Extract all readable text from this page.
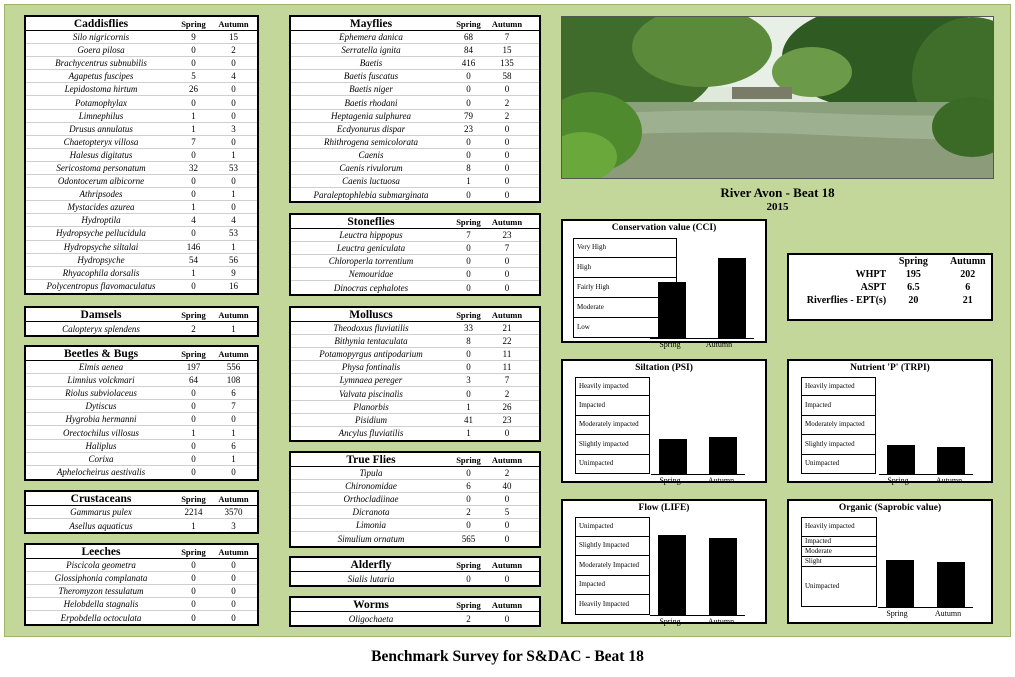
Caddisflies	Spring	Autumn
Silo nigricornis	9	15
Goera pilosa	0	2
Brachycentrus subnubilis	0	0
Agapetus fuscipes	5	4
Lepidostoma hirtum	26	0
Potamophylax	0	0
Limnephilus	1	0
Drusus annulatus	1	3
Chaetopteryx villosa	7	0
Halesus digitatus	0	1
Sericostoma personatum	32	53
Odontocerum albicorne	0	0
Athripsodes	0	1
Mystacides azurea	1	0
Hydroptila	4	4
Hydropsyche pellucidula	0	53
Hydropsyche siltalai	146	1
Hydropsyche	54	56
Rhyacophila dorsalis	1	9
Polycentropus flavomaculatus	0	16
Damsels	Spring	Autumn
Calopteryx splendens	2	1
Beetles & Bugs	Spring	Autumn
Elmis aenea	197	556
Limnius volckmari	64	108
Riolus subviolaceus	0	6
Dytiscus	0	7
Hygrobia hermanni	0	0
Orectochilus villosus	1	1
Haliplus	0	6
Corixa	0	1
Aphelocheirus aestivalis	0	0
Crustaceans	Spring	Autumn
Gammarus pulex	2214	3570
Asellus aquaticus	1	3
Leeches	Spring	Autumn
Piscicola geometra	0	0
Glossiphonia complanata	0	0
Theromyzon tessulatum	0	0
Helobdella stagnalis	0	0
Erpobdella octoculata	0	0
Mayflies	Spring	Autumn
Ephemera danica	68	7
Serratella ignita	84	15
Baetis	416	135
Baetis fuscatus	0	58
Baetis niger	0	0
Baetis rhodani	0	2
Heptagenia sulphurea	79	2
Ecdyonurus dispar	23	0
Rhithrogena semicolorata	0	0
Caenis	0	0
Caenis rivulorum	8	0
Caenis luctuosa	1	0
Paraleptophlebia submarginata	0	0
Stoneflies	Spring	Autumn
Leuctra hippopus	7	23
Leuctra geniculata	0	7
Chloroperla torrentium	0	0
Nemouridae	0	0
Dinocras cephalotes	0	0
Molluscs	Spring	Autumn
Theodoxus fluviatilis	33	21
Bithynia tentaculata	8	22
Potamopyrgus antipodarium	0	11
Physa fontinalis	0	11
Lymnaea pereger	3	7
Valvata piscinalis	0	2
Planorbis	1	26
Pisidium	41	23
Ancylus fluviatilis	1	0
True Flies	Spring	Autumn
Tipula	0	2
Chironomidae	6	40
Orthocladiinae	0	0
Dicranota	2	5
Limonia	0	0
Simulium ornatum	565	0
Alderfly	Spring	Autumn
Sialis lutaria	0	0
Worms	Spring	Autumn
Oligochaeta	2	0
River Avon - Beat 18
2015
Conservation value (CCI)
Very High
High
Fairly High
Moderate
Low
Spring	Autumn
Siltation (PSI)
Heavily impacted
Impacted
Moderately impacted
Slightly impacted
Unimpacted
Spring	Autumn
Nutrient 'P' (TRPI)
Heavily impacted
Impacted
Moderately impacted
Slightly impacted
Unimpacted
Spring	Autumn
Flow (LIFE)
Unimpacted
Slightly Impacted
Moderately Impacted
Impacted
Heavily Impacted
Spring	Autumn
Organic (Saprobic value)
Heavily impacted
Impacted
Moderate
Slight
Unimpacted
Spring	Autumn
Spring	Autumn
WHPT	195	202
ASPT	6.5	6
Riverflies - EPT(s)	20	21
Benchmark Survey for S&DAC - Beat 18
